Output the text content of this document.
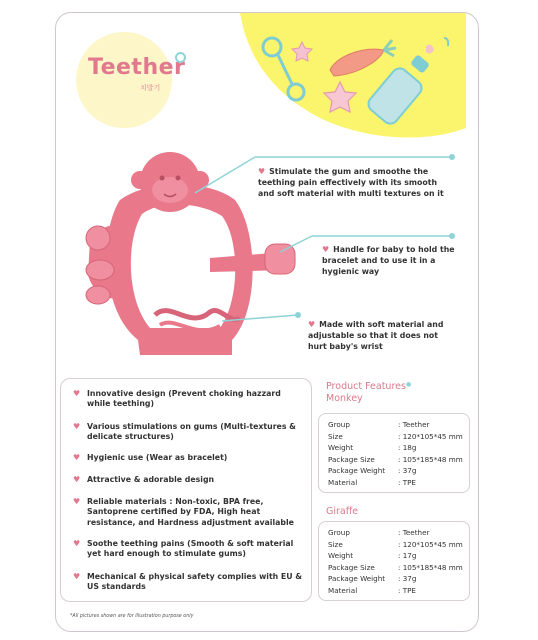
Teether
치발기
♥ Stimulate the gum and smoothe the teething pain effectively with its smooth and soft material with multi textures on it
♥ Handle for baby to hold the bracelet and to use it in a hygienic way
♥ Made with soft material and adjustable so that it does not hurt baby's wrist
♥ Innovative design (Prevent choking hazzard while teething)
♥ Various stimulations on gums (Multi-textures & delicate structures)
♥ Hygienic use (Wear as bracelet)
♥ Attractive & adorable design
♥ Reliable materials : Non-toxic, BPA free, Santoprene certified by FDA, High heat resistance, and Hardness adjustment available
♥ Soothe teething pains (Smooth & soft material yet hard enough to stimulate gums)
♥ Mechanical & physical safety complies with EU & US standards
Product Features●
Monkey
Group	: Teether
Size	: 120*105*45 mm
Weight	: 18g
Package Size	: 105*185*48 mm
Package Weight	: 37g
Material	: TPE
Giraffe
Group	: Teether
Size	: 120*105*45 mm
Weight	: 17g
Package Size	: 105*185*48 mm
Package Weight	: 37g
Material	: TPE
*All pictures shown are for illustration purpose only
